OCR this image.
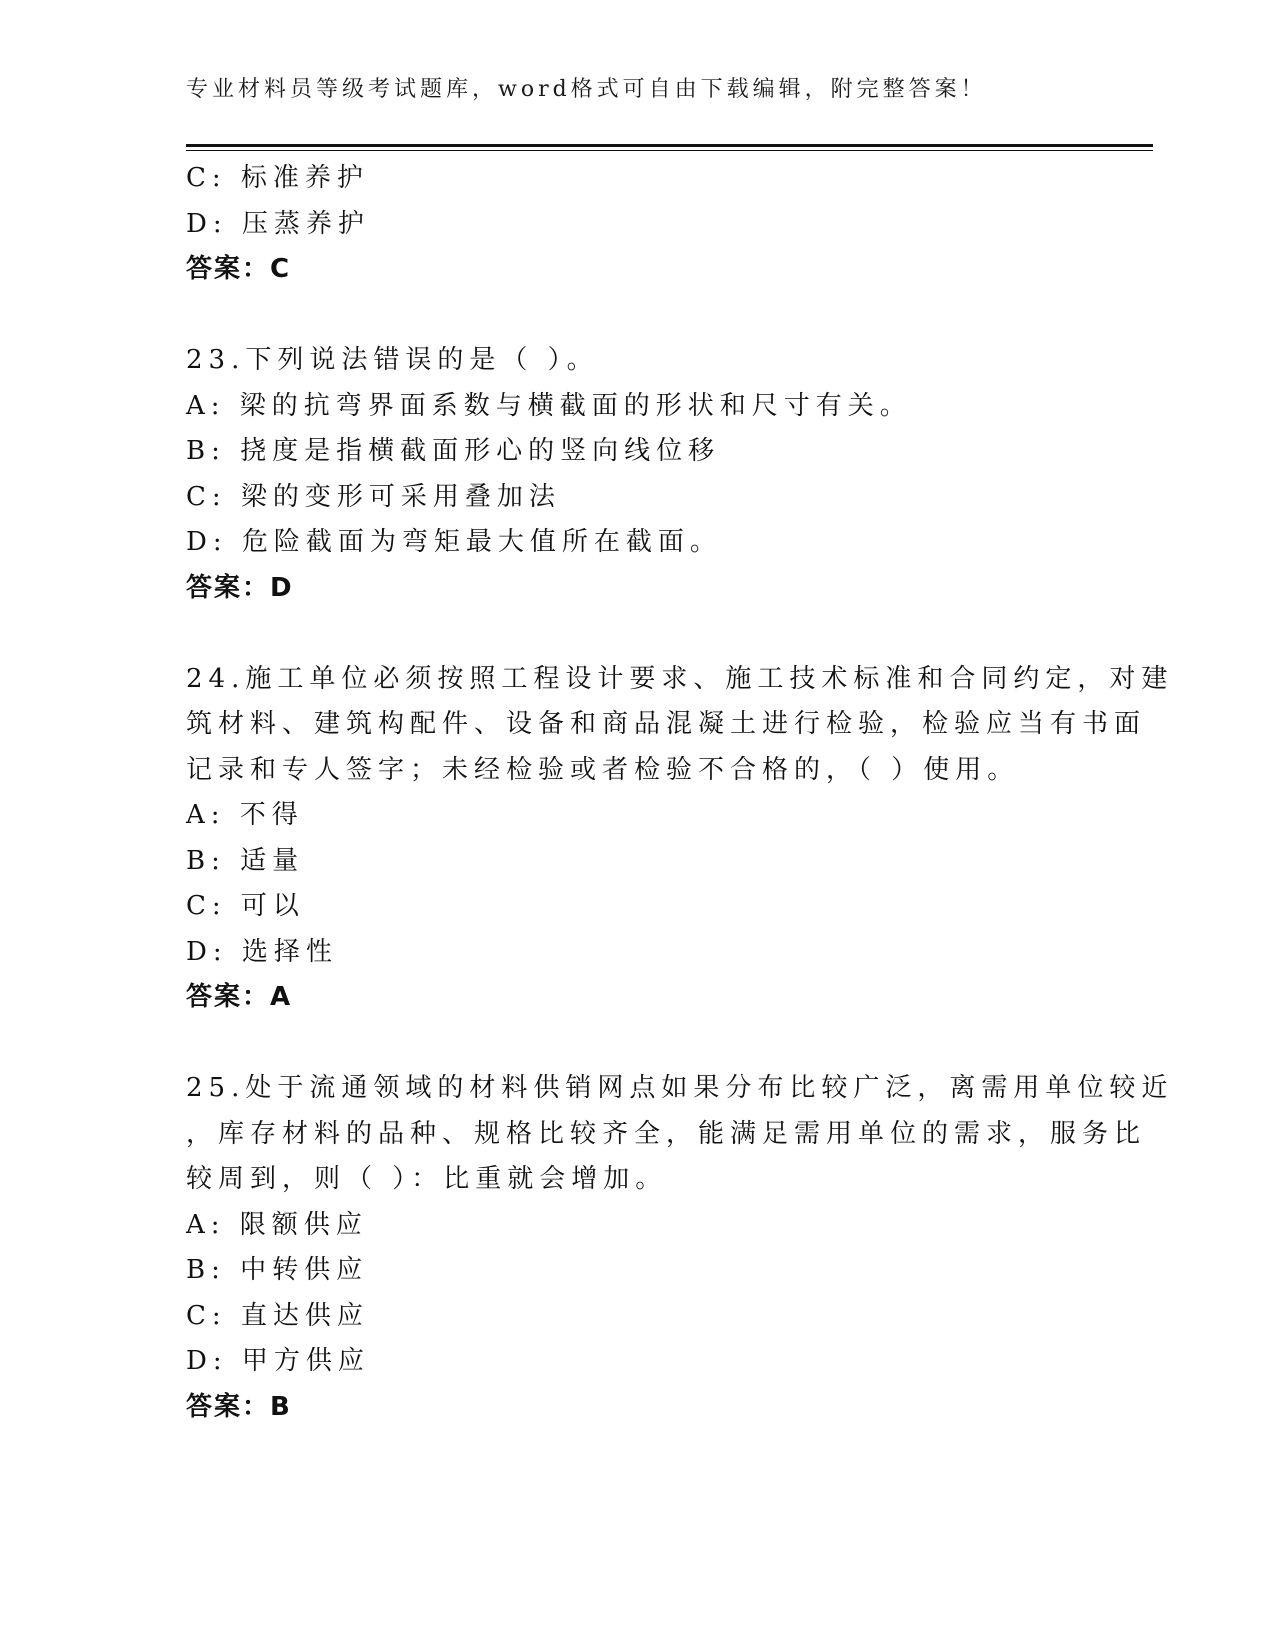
专业材料员等级考试题库，word格式可自由下载编辑，附完整答案！
C: 标准养护
D: 压蒸养护
答案：C
23.下列说法错误的是（ ）。
A: 梁的抗弯界面系数与横截面的形状和尺寸有关。
B: 挠度是指横截面形心的竖向线位移
C: 梁的变形可采用叠加法
D: 危险截面为弯矩最大值所在截面。
答案：D
24.施工单位必须按照工程设计要求、施工技术标准和合同约定，对建
筑材料、建筑构配件、设备和商品混凝土进行检验，检验应当有书面
记录和专人签字；未经检验或者检验不合格的，（ ）使用。
A: 不得
B: 适量
C: 可以
D: 选择性
答案：A
25.处于流通领域的材料供销网点如果分布比较广泛，离需用单位较近
，库存材料的品种、规格比较齐全，能满足需用单位的需求，服务比
较周到，则（ ）：比重就会增加。
A: 限额供应
B: 中转供应
C: 直达供应
D: 甲方供应
答案：B
